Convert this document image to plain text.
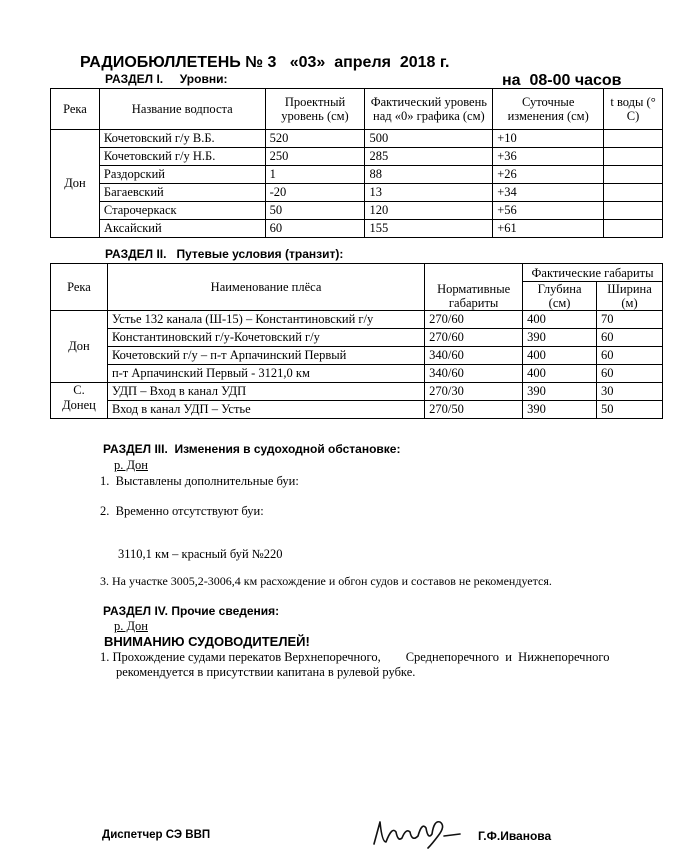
РАДИОБЮЛЛЕТЕНЬ № 3   «03»  апреля  2018 г.

на  08-00 часов

РАЗДЕЛ I.     Уровни:
Река	Название водпоста	Проектный уровень (см)	Фактический уровень над «0» графика (см)	Суточные изменения (см)	t воды (° С)
Дон	Кочетовский г/у В.Б.	520	500	+10	
	Кочетовский г/у Н.Б.	250	285	+36	
	Раздорский	1	88	+26	
	Багаевский	-20	13	+34	
	Старочеркаск	50	120	+56	
	Аксайский	60	155	+61	
РАЗДЕЛ II.   Путевые условия (транзит):
Река	Наименование плёса	Нормативные габариты	Фактические габариты	
			Глубина (см)	Ширина (м)
Дон	Устье 132 канала (Ш-15) – Константиновский г/у	270/60	400	70
	Константиновский г/у-Кочетовский г/у	270/60	390	60
	Кочетовский г/у – п-т Арпачинский Первый	340/60	400	60
	п-т Арпачинский Первый - 3121,0 км	340/60	400	60
С. Донец	УДП – Вход в канал УДП	270/30	390	30
	Вход в канал УДП – Устье	270/50	390	50
РАЗДЕЛ III.  Изменения в судоходной обстановке:
р. Дон
1.  Выставлены дополнительные буи:
2.  Временно отсутствуют буи:
3110,1 км – красный буй №220
3. На участке 3005,2-3006,4 км расхождение и обгон судов и составов не рекомендуется.
РАЗДЕЛ IV. Прочие сведения:
р. Дон
ВНИМАНИЮ СУДОВОДИТЕЛЕЙ!
1. Прохождение судами перекатов Верхнепоречного,        Среднепоречного  и  Нижнепоречного
рекомендуется в присутствии капитана в рулевой рубке.
Диспетчер СЭ ВВП	Г.Ф.Иванова
